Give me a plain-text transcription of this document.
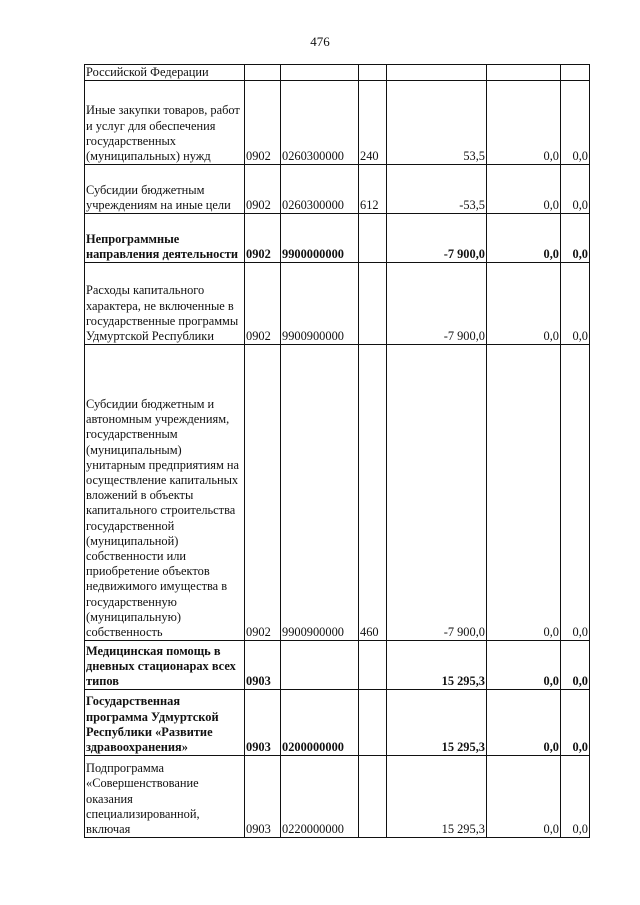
476
Российской Федерации						
Иные закупки товаров, работ и услуг для обеспечения государственных (муниципальных) нужд	0902	0260300000	240	53,5	0,0	0,0
Субсидии бюджетным учреждениям на иные цели	0902	0260300000	612	-53,5	0,0	0,0
Непрограммные направления деятельности	0902	9900000000		-7 900,0	0,0	0,0
Расходы капитального характера, не включенные в государственные программы Удмуртской Республики	0902	9900900000		-7 900,0	0,0	0,0
Субсидии бюджетным и автономным учреждениям, государственным (муниципальным) унитарным предприятиям на осуществление капитальных вложений в объекты капитального строительства государственной (муниципальной) собственности или приобретение объектов недвижимого имущества в государственную (муниципальную) собственность	0902	9900900000	460	-7 900,0	0,0	0,0
Медицинская помощь в дневных стационарах всех типов	0903			15 295,3	0,0	0,0
Государственная программа Удмуртской Республики «Развитие здравоохранения»	0903	0200000000		15 295,3	0,0	0,0
Подпрограмма «Совершенствование оказания специализированной, включая	0903	0220000000		15 295,3	0,0	0,0
